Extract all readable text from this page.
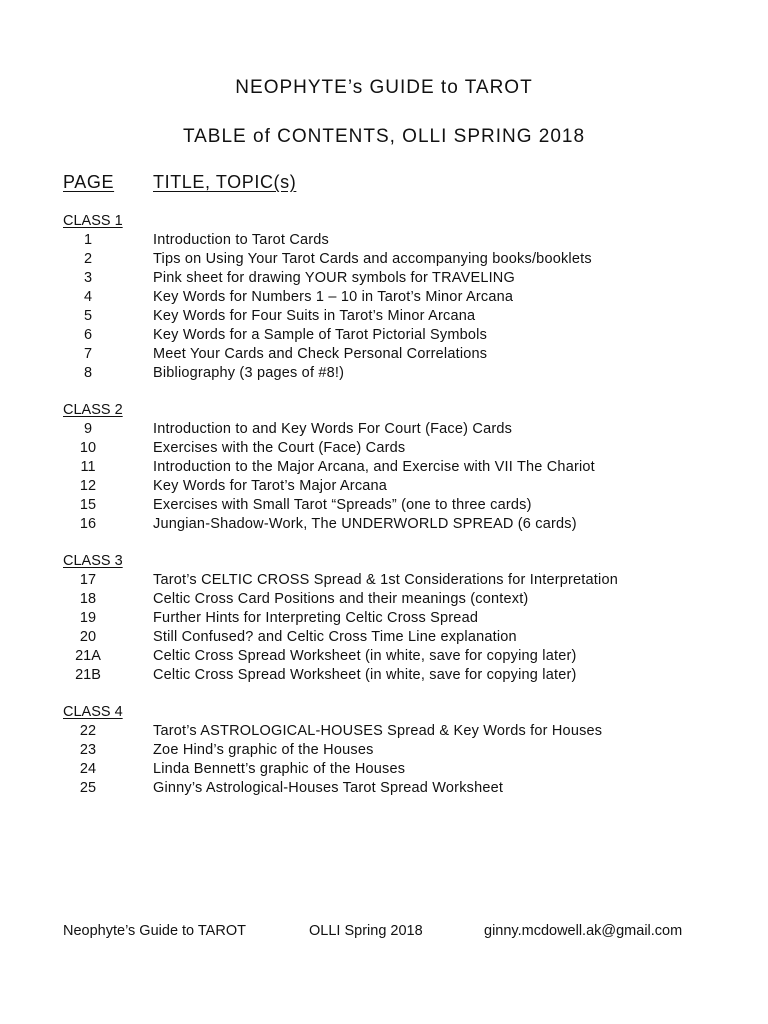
NEOPHYTE’s GUIDE to TAROT
TABLE of CONTENTS, OLLI SPRING 2018
PAGE TITLE, TOPIC(s)
CLASS 1
1	Introduction to Tarot Cards
2	Tips on Using Your Tarot Cards and accompanying books/booklets
3	Pink sheet for drawing YOUR symbols for TRAVELING
4	Key Words for Numbers 1 – 10 in Tarot’s Minor Arcana
5	Key Words for Four Suits in Tarot’s Minor Arcana
6	Key Words for a Sample of Tarot Pictorial Symbols
7	Meet Your Cards and Check Personal Correlations
8	Bibliography (3 pages of #8!)
CLASS 2
9	Introduction to and Key Words For Court (Face) Cards
10	Exercises with the Court (Face) Cards
11	Introduction to the Major Arcana, and Exercise with VII The Chariot
12	Key Words for Tarot’s Major Arcana
15	Exercises with Small Tarot “Spreads” (one to three cards)
16	Jungian-Shadow-Work, The UNDERWORLD SPREAD (6 cards)
CLASS 3
17	Tarot’s CELTIC CROSS Spread & 1st Considerations for Interpretation
18	Celtic Cross Card Positions and their meanings (context)
19	Further Hints for Interpreting Celtic Cross Spread
20	Still Confused? and Celtic Cross Time Line explanation
21A	Celtic Cross Spread Worksheet (in white, save for copying later)
21B	Celtic Cross Spread Worksheet (in white, save for copying later)
CLASS 4
22	Tarot’s ASTROLOGICAL-HOUSES Spread & Key Words for Houses
23	Zoe Hind’s graphic of the Houses
24	Linda Bennett’s graphic of the Houses
25	Ginny’s Astrological-Houses Tarot Spread Worksheet
Neophyte’s Guide to TAROT	OLLI Spring 2018	ginny.mcdowell.ak@gmail.com
